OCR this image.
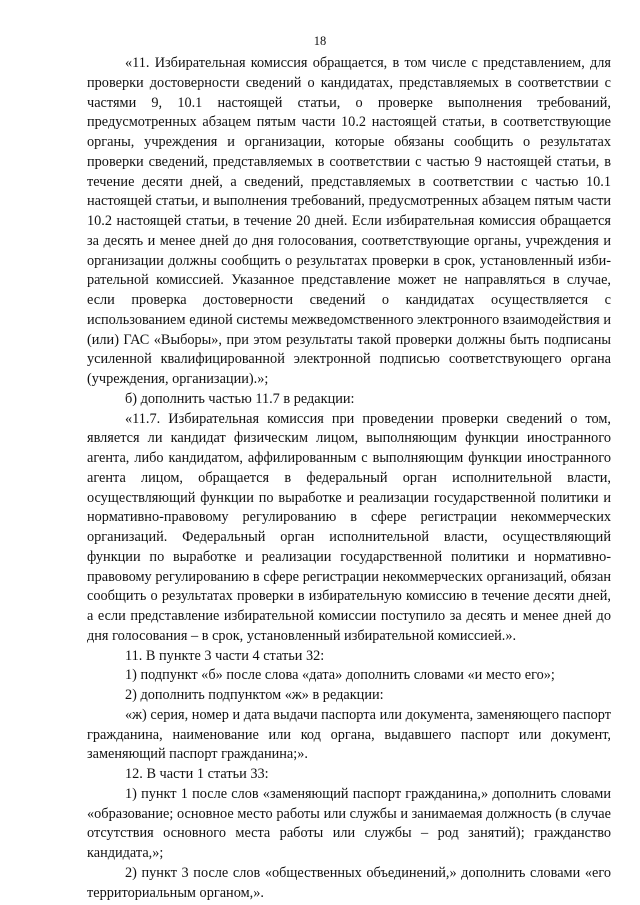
18

«11. Избирательная комиссия обращается, в том числе с представлением, для проверки достоверности сведений о кандидатах, представляемых в соответствии с частями 9, 10.1 настоящей статьи, о проверке выполнения требований, предусмотренных абзацем пятым части 10.2 настоящей статьи, в соответствующие органы, учреждения и организации, которые обязаны сообщить о результатах проверки сведений, представляемых в соответствии с частью 9 настоящей статьи, в течение десяти дней, а сведений, представляемых в соответствии с частью 10.1 настоящей статьи, и выполнения требований, предусмотренных абзацем пятым части 10.2 настоящей статьи, в течение 20 дней. Если избирательная комиссия обращается за десять и менее дней до дня голосования, соответствующие органы, учреждения и организации должны сообщить о результатах проверки в срок, установленный избирательной комиссией. Указанное представление может не направляться в случае, если проверка достоверности сведений о кандидатах осуществляется с использованием единой системы межведомственного электронного взаимодействия и (или) ГАС «Выборы», при этом результаты такой проверки должны быть подписаны усиленной квалифицированной электронной подписью соответствующего органа (учреждения, организации).»;

б) дополнить частью 11.7 в редакции:

«11.7. Избирательная комиссия при проведении проверки сведений о том, является ли кандидат физическим лицом, выполняющим функции иностранного агента, либо кандидатом, аффилированным с выполняющим функции иностранного агента лицом, обращается в федеральный орган исполнительной власти, осуществляющий функции по выработке и реализации государственной политики и нормативно-правовому регулированию в сфере регистрации некоммерческих организаций. Федеральный орган исполнительной власти, осуществляющий функции по выработке и реализации государственной политики и нормативно-правовому регулированию в сфере регистрации некоммерческих организаций, обязан сообщить о результатах проверки в избирательную комиссию в течение десяти дней, а если представление избирательной комиссии поступило за десять и менее дней до дня голосования – в срок, установленный избирательной комиссией.».

11. В пункте 3 части 4 статьи 32:

1) подпункт «б» после слова «дата» дополнить словами «и место его»;

2) дополнить подпунктом «ж» в редакции:

«ж) серия, номер и дата выдачи паспорта или документа, заменяющего паспорт гражданина, наименование или код органа, выдавшего паспорт или документ, заменяющий паспорт гражданина;».

12. В части 1 статьи 33:

1) пункт 1 после слов «заменяющий паспорт гражданина,» дополнить словами «образование; основное место работы или службы и занимаемая должность (в случае отсутствия основного места работы или службы – род занятий); гражданство кандидата,»;

2) пункт 3 после слов «общественных объединений,» дополнить словами «его территориальным органом,».
